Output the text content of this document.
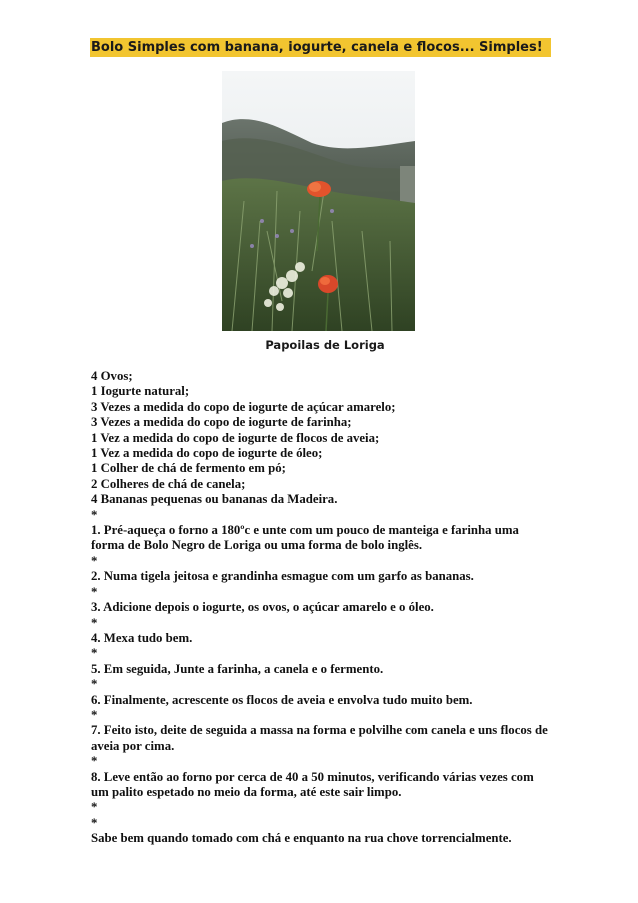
Bolo Simples com banana, iogurte, canela e flocos... Simples!
Papoilas de Loriga
4 Ovos;
1 Iogurte natural;
3 Vezes a medida do copo de iogurte de açúcar amarelo;
3 Vezes a medida do copo de iogurte de farinha;
1 Vez a medida do copo de iogurte de flocos de aveia;
1 Vez a medida do copo de iogurte de óleo;
1 Colher de chá de fermento em pó;
2 Colheres de chá de canela;
4 Bananas pequenas ou bananas da Madeira.
*
1. Pré-aqueça o forno a 180ºc e unte com um pouco de manteiga e farinha uma forma de Bolo Negro de Loriga ou uma forma de bolo inglês.
*
2. Numa tigela jeitosa e grandinha esmague com um garfo as bananas.
*
3. Adicione depois o iogurte, os ovos, o açúcar amarelo e o óleo.
*
4. Mexa tudo bem.
*
5. Em seguida, Junte a farinha, a canela e o fermento.
*
6. Finalmente, acrescente os flocos de aveia e envolva tudo muito bem.
*
7. Feito isto, deite de seguida a massa na forma e polvilhe com canela e uns flocos de aveia por cima.
*
8. Leve então ao forno por cerca de 40 a 50 minutos, verificando várias vezes com um palito espetado no meio da forma, até este sair limpo.
*
*
Sabe bem quando tomado com chá e enquanto na rua chove torrencialmente.
